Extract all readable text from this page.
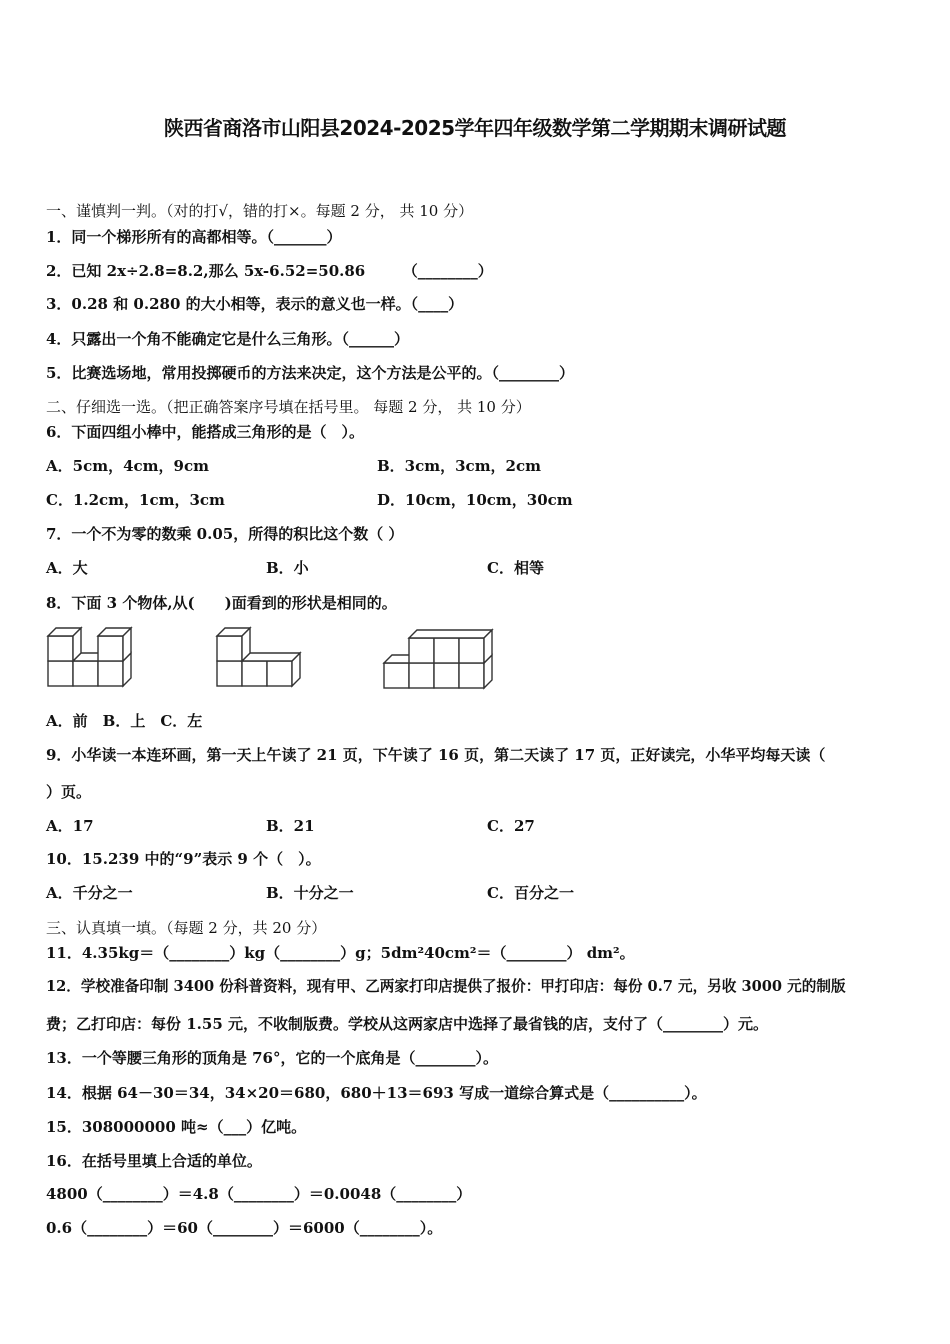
陕西省商洛市山阳县2024-2025学年四年级数学第二学期期末调研试题
一、谨慎判一判。（对的打√，错的打×。每题 2 分， 共 10 分）
1．同一个梯形所有的高都相等。（_______）
2．已知 2x÷2.8=8.2,那么 5x-6.52=50.86　　　（________）
3．0.28 和 0.280 的大小相等，表示的意义也一样。（____）
4．只露出一个角不能确定它是什么三角形。（______）
5．比赛选场地，常用投掷硬币的方法来决定，这个方法是公平的。（________）
二、仔细选一选。（把正确答案序号填在括号里。 每题 2 分， 共 10 分）
6．下面四组小棒中，能搭成三角形的是（　）。
A．5cm，4cm，9cm	B．3cm，3cm，2cm
C．1.2cm，1cm，3cm	D．10cm，10cm，30cm
7．一个不为零的数乘 0.05，所得的积比这个数（ ）
A．大	B．小	C．相等
8．下面 3 个物体,从(　　)面看到的形状是相同的。
A．前　B．上　C．左
9．小华读一本连环画，第一天上午读了 21 页，下午读了 16 页，第二天读了 17 页，正好读完，小华平均每天读（
）页。
A．17	B．21	C．27
10．15.239 中的“9”表示 9 个（　）。
A．千分之一	B．十分之一	C．百分之一
三、认真填一填。（每题 2 分，共 20 分）
11．4.35kg＝（________）kg（________）g；5dm²40cm²＝（________） dm²。
12．学校准备印制 3400 份科普资料，现有甲、乙两家打印店提供了报价：甲打印店：每份 0.7 元，另收 3000 元的制版
费；乙打印店：每份 1.55 元，不收制版费。学校从这两家店中选择了最省钱的店，支付了（________）元。
13．一个等腰三角形的顶角是 76°，它的一个底角是（________）。
14．根据 64－30＝34，34×20＝680，680＋13＝693 写成一道综合算式是（__________）。
15．308000000 吨≈（___）亿吨。
16．在括号里填上合适的单位。
4800（________）＝4.8（________）＝0.0048（________）
0.6（________）＝60（________）＝6000（________）。
